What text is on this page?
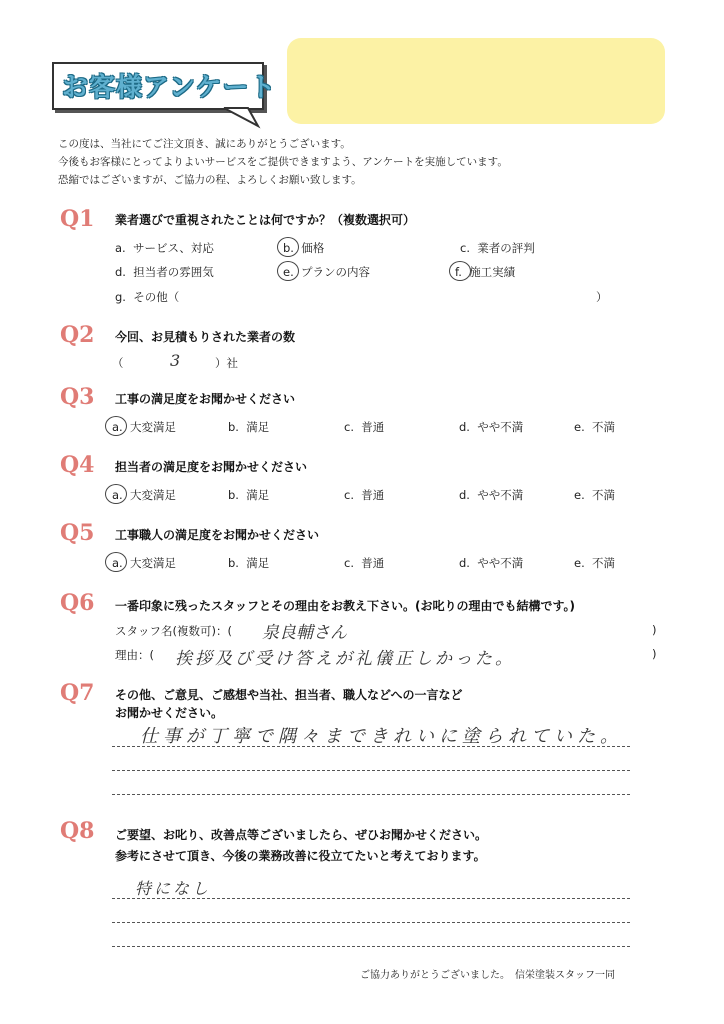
お客様アンケート
この度は、当社にてご注文頂き、誠にありがとうございます。
今後もお客様にとってよりよいサービスをご提供できますよう、アンケートを実施しています。
恐縮ではございますが、ご協力の程、よろしくお願い致します。
Q1 業者選びで重視されたことは何ですか？（複数選択可）
a. サービス、対応	b. 価格	c. 業者の評判
d. 担当者の雰囲気	e. プランの内容	f. 施工実績
g. その他（	）
Q2 今回、お見積もりされた業者の数
（	3	）社
Q3 工事の満足度をお聞かせください
a. 大変満足	b. 満足	c. 普通	d. やや不満	e. 不満
Q4 担当者の満足度をお聞かせください
a. 大変満足	b. 満足	c. 普通	d. やや不満	e. 不満
Q5 工事職人の満足度をお聞かせください
a. 大変満足	b. 満足	c. 普通	d. やや不満	e. 不満
Q6 一番印象に残ったスタッフとその理由をお教え下さい。(お叱りの理由でも結構です。)
スタッフ名(複数可)：( 泉良輔さん	)
理由：( 挨拶及び受け答えが礼儀正しかった。	)
Q7 その他、ご意見、ご感想や当社、担当者、職人などへの一言など
お聞かせください。
仕事が丁寧で隅々まできれいに塗られていた。
Q8 ご要望、お叱り、改善点等ございましたら、ぜひお聞かせください。
参考にさせて頂き、今後の業務改善に役立てたいと考えております。
特になし
ご協力ありがとうございました。　信栄塗装スタッフ一同
